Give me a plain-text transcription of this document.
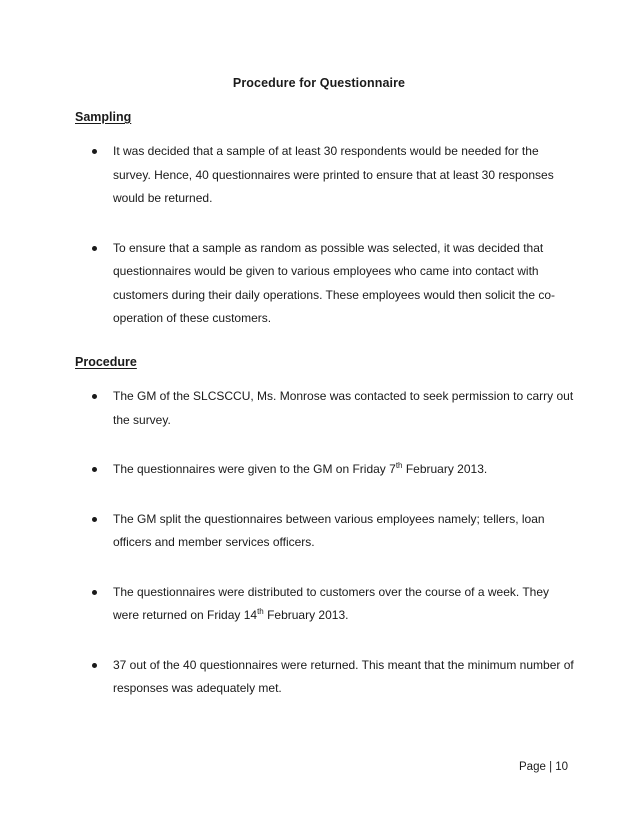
Procedure for Questionnaire
Sampling
It was decided that a sample of at least 30 respondents would be needed for the survey. Hence, 40 questionnaires were printed to ensure that at least 30 responses would be returned.
To ensure that a sample as random as possible was selected, it was decided that questionnaires would be given to various employees who came into contact with customers during their daily operations. These employees would then solicit the co-operation of these customers.
Procedure
The GM of the SLCSCCU, Ms. Monrose was contacted to seek permission to carry out the survey.
The questionnaires were given to the GM on Friday 7th February 2013.
The GM split the questionnaires between various employees namely; tellers, loan officers and member services officers.
The questionnaires were distributed to customers over the course of a week. They were returned on Friday 14th February 2013.
37 out of the 40 questionnaires were returned. This meant that the minimum number of responses was adequately met.
Page | 10
